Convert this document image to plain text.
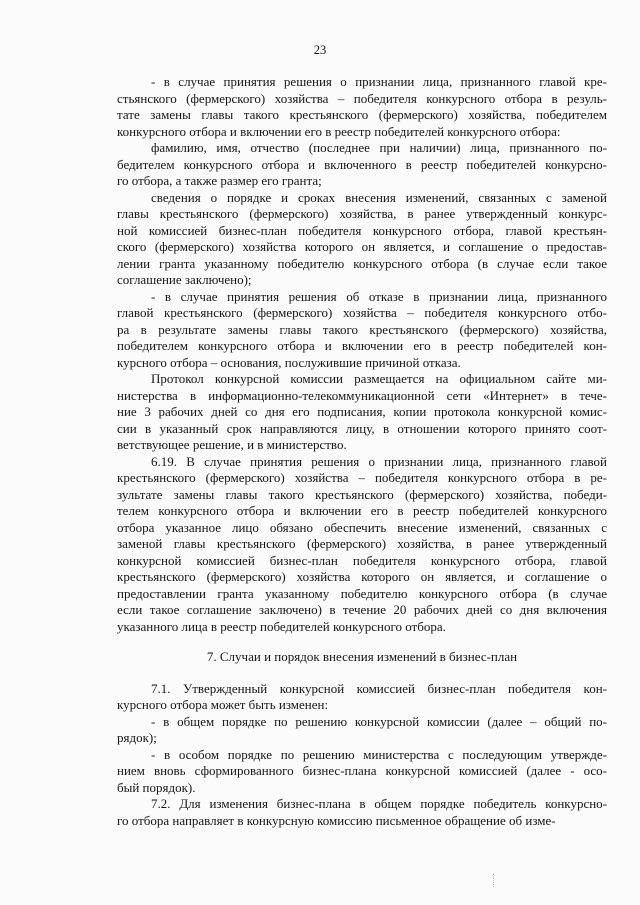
23
- в случае принятия решения о признании лица, признанного главой кре-
стьянского (фермерского) хозяйства – победителя конкурсного отбора в резуль-
тате замены главы такого крестьянского (фермерского) хозяйства, победителем
конкурсного отбора и включении его в реестр победителей конкурсного отбора:
фамилию, имя, отчество (последнее при наличии) лица, признанного по-
бедителем конкурсного отбора и включенного в реестр победителей конкурсно-
го отбора, а также размер его гранта;
сведения о порядке и сроках внесения изменений, связанных с заменой
главы крестьянского (фермерского) хозяйства, в ранее утвержденный конкурс-
ной комиссией бизнес-план победителя конкурсного отбора, главой крестьян-
ского (фермерского) хозяйства которого он является, и соглашение о предостав-
лении гранта указанному победителю конкурсного отбора (в случае если такое
соглашение заключено);
- в случае принятия решения об отказе в признании лица, признанного
главой крестьянского (фермерского) хозяйства – победителя конкурсного отбо-
ра в результате замены главы такого крестьянского (фермерского) хозяйства,
победителем конкурсного отбора и включении его в реестр победителей кон-
курсного отбора – основания, послужившие причиной отказа.
Протокол конкурсной комиссии размещается на официальном сайте ми-
нистерства в информационно-телекоммуникационной сети «Интернет» в тече-
ние 3 рабочих дней со дня его подписания, копии протокола конкурсной комис-
сии в указанный срок направляются лицу, в отношении которого принято соот-
ветствующее решение, и в министерство.
6.19. В случае принятия решения о признании лица, признанного главой
крестьянского (фермерского) хозяйства – победителя конкурсного отбора в ре-
зультате замены главы такого крестьянского (фермерского) хозяйства, победи-
телем конкурсного отбора и включении его в реестр победителей конкурсного
отбора указанное лицо обязано обеспечить внесение изменений, связанных с
заменой главы крестьянского (фермерского) хозяйства, в ранее утвержденный
конкурсной комиссией бизнес-план победителя конкурсного отбора, главой
крестьянского (фермерского) хозяйства которого он является, и соглашение о
предоставлении гранта указанному победителю конкурсного отбора (в случае
если такое соглашение заключено) в течение 20 рабочих дней со дня включения
указанного лица в реестр победителей конкурсного отбора.
7. Случаи и порядок внесения изменений в бизнес-план
7.1. Утвержденный конкурсной комиссией бизнес-план победителя кон-
курсного отбора может быть изменен:
- в общем порядке по решению конкурсной комиссии (далее – общий по-
рядок);
- в особом порядке по решению министерства с последующим утвержде-
нием вновь сформированного бизнес-плана конкурсной комиссией (далее - осо-
бый порядок).
7.2. Для изменения бизнес-плана в общем порядке победитель конкурсно-
го отбора направляет в конкурсную комиссию письменное обращение об изме-
